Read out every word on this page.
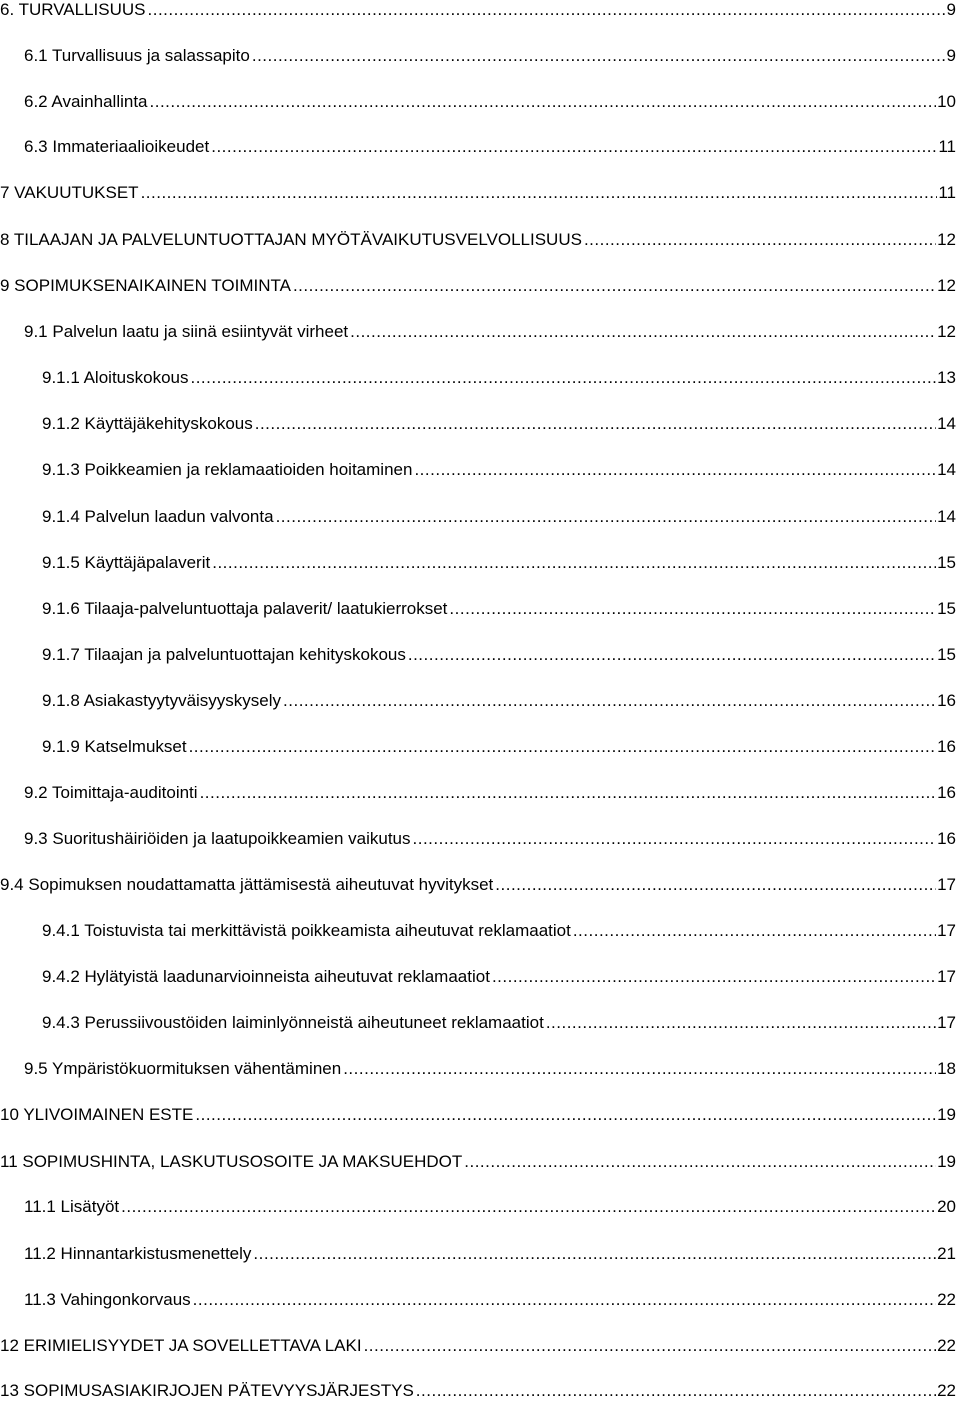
6. TURVALLISUUS .....	9
6.1 Turvallisuus ja salassapito .....	9
6.2 Avainhallinta .....	10
6.3 Immateriaalioikeudet .....	11
7 VAKUUTUKSET .....	11
8 TILAAJAN JA PALVELUNTUOTTAJAN MYÖTÄVAIKUTUSVELVOLLISUUS .....	12
9 SOPIMUKSENAIKAINEN TOIMINTA .....	12
9.1 Palvelun laatu ja siinä esiintyvät virheet .....	12
9.1.1 Aloituskokous .....	13
9.1.2 Käyttäjäkehityskokous .....	14
9.1.3 Poikkeamien ja reklamaatioiden hoitaminen .....	14
9.1.4 Palvelun laadun valvonta .....	14
9.1.5 Käyttäjäpalaverit .....	15
9.1.6 Tilaaja-palveluntuottaja palaverit/ laatukierrokset .....	15
9.1.7 Tilaajan ja palveluntuottajan kehityskokous .....	15
9.1.8 Asiakastyytyväisyyskysely .....	16
9.1.9 Katselmukset .....	16
9.2 Toimittaja-auditointi .....	16
9.3 Suoritushäiriöiden ja laatupoikkeamien vaikutus .....	16
9.4 Sopimuksen noudattamatta jättämisestä aiheutuvat hyvitykset .....	17
9.4.1 Toistuvista tai merkittävistä poikkeamista aiheutuvat reklamaatiot .....	17
9.4.2 Hylätyistä laadunarvioinneista aiheutuvat reklamaatiot .....	17
9.4.3 Perussiivoustöiden laiminlyönneistä aiheutuneet reklamaatiot .....	17
9.5 Ympäristökuormituksen vähentäminen .....	18
10 YLIVOIMAINEN ESTE .....	19
11 SOPIMUSHINTA, LASKUTUSOSOITE JA MAKSUEHDOT .....	19
11.1 Lisätyöt .....	20
11.2 Hinnantarkistusmenettely .....	21
11.3 Vahingonkorvaus .....	22
12 ERIMIELISYYDET JA SOVELLETTAVA LAKI .....	22
13 SOPIMUSASIAKIRJOJEN PÄTEVYYSJÄRJESTYS .....	22
